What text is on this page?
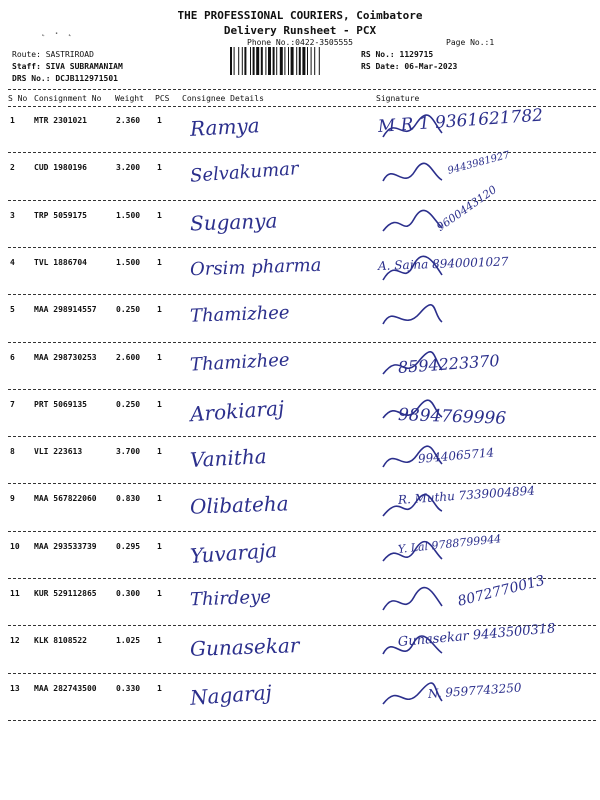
THE PROFESSIONAL COURIERS, Coimbatore
Delivery Runsheet - PCX
Phone No.:0422-3505555	Page No.:1
Route: SASTRIROAD
Staff: SIVA SUBRAMANIAM
DRS No.: DCJB112971501
RS No.: 1129715
RS Date: 06-Mar-2023
˛ . ˛
S No Consignment No Weight PCS Consignee Details	Signature
1 MTR 2301021	2.360 1 Ramya	M R 1 9361621782
2 CUD 1980196	3.200 1 Selvakumar	9443981927
3 TRP 5059175	1.500 1 Suganya	9600443120
4 TVL 1886704	1.500 1 Orsim pharma	A. Sajna 8940001027
5 MAA 298914557 0.250 1 Thamizhee
6 MAA 298730253 2.600 1 Thamizhee	8594223370
7 PRT 5069135	0.250 1 Arokiaraj	9894769996
8 VLI 223613	3.700 1 Vanitha	9944065714
9 MAA 567822060 0.830 1 Olibateha	R. Muthu 7339004894
10 MAA 293533739 0.295 1 Yuvaraja	Y. Lal 9788799944
11 KUR 529112865 0.300 1 Thirdeye	8072770013
12 KLK 8108522	1.025 1 Gunasekar	Gunasekar 9443500318
13 MAA 282743500 0.330 1 Nagaraj	N. 9597743250
